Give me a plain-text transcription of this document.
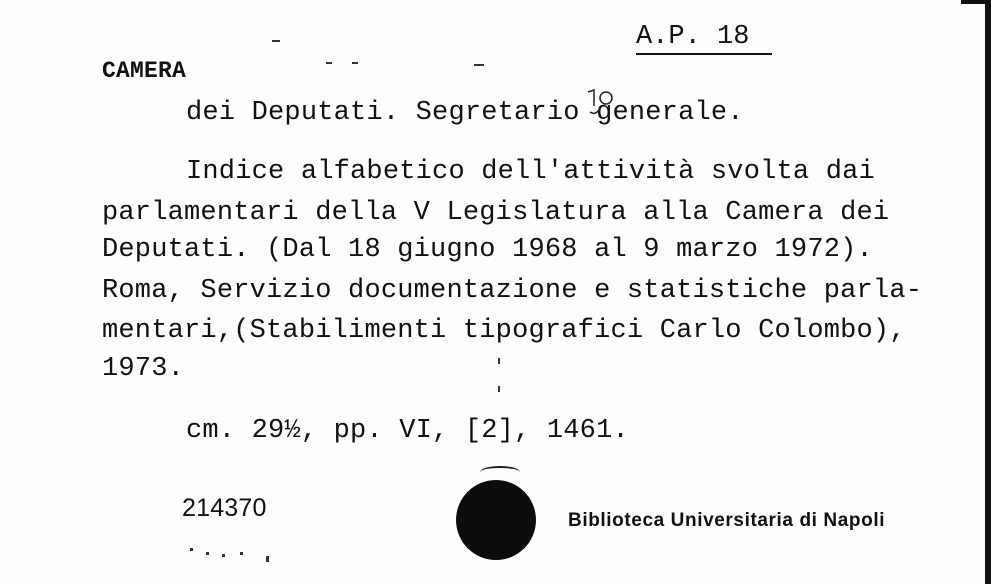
A.P. 18
CAMERA
dei Deputati. Segretario generale.
Indice alfabetico dell'attività svolta dai
parlamentari della V Legislatura alla Camera dei
Deputati. (Dal 18 giugno 1968 al 9 marzo 1972).
Roma, Servizio documentazione e statistiche parla-
mentari,(Stabilimenti tipografici Carlo Colombo),
1973.
cm. 29½, pp. VI, [2], 1461.
214370	Biblioteca Universitaria di Napoli
